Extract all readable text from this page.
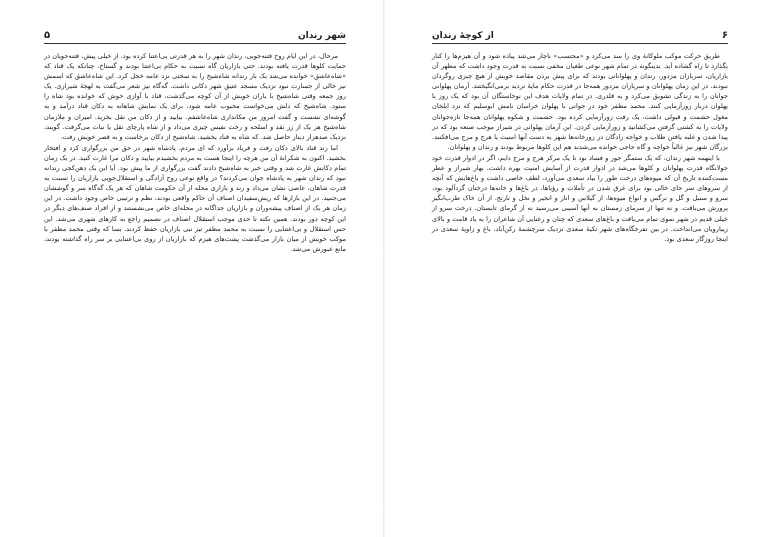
شهر رندان
۵

مرحال، در این ایام روح فتنه‌جویی، رندان شهر را به هر قدرتی بی‌اعتنا کرده بود. از خیلی پیش، فتنه‌جویان در حمایت کلوها قدرت یافته بودند. حتی بازاریان گاه نسبت به حکام بی‌اعتنا بودند و گستاخ، چنانکه یک قناد که «شاه‌عاشق» خوانده می‌شد یک بار رندانه شاه‌شیخ را به سختی نزد عامه خجل کرد. این شاه‌عاشق که اسمش نیز خالی از جسارت نبود نزدیک مسجد عتیق شهر دکانی داشت. گه‌گاه نیز شعر می‌گفت به لهجهٔ شیرازی. یک روز جمعه وقتی شاه‌شیخ با یاران خویش از آن کوچه می‌گذشت، قناد با آوازی خوش که خوانده بود شاه را ستود. شاه‌شیخ که دلش می‌خواست محبوب عامه شود، برای یک نمایش شاهانه به دکان قناد درآمد و به گوشه‌ای نشست و گفت امروز من مکانداری شاه‌عاشقم. بیایید و از دکان من نقل بخرید. امیران و ملازمان شاه‌شیخ هر یک از زر نقد و اسلحه و رخت نفیس چیزی می‌داد و از شاه پارچای نقل یا نبات می‌گرفت. گویند، نزدیک صدهزار دینار حاصل شد. که شاه به قناد بخشید. شاه‌شیخ از دکان برخاست و به قصر خویش رفت.

اما رند قناد بالای دکان رفت و فریاد برآورد که ای مردم، پادشاه شهر در حق من بزرگواری کرد و افتخار بخشید. اکنون به شکرانهٔ آن من هرچه را اینجا هست به مردم بخشیدم بیایید و دکان مرا غارت کنید. در یک زمان تمام دکانش غارت شد و وقتی خبر به شاه‌شیخ دادند گفت بزرگواری از ما پیش بود. آیا این یک دهن‌کجی رندانه نبود که رندان شهر به پادشاه جوان می‌کردند؟ در واقع نوعی روح آزادگی و استقلال‌جویی بازاریان را نسبت به قدرت شاهان، عاصی نشان می‌داد و رند و بازاری محله از آن حکومت شاهان که هر یک گه‌گاه سر و گوششان می‌جنبید. در این بازارها که ریش‌سفیدان اصناف آن حاکم واقعی بودند، نظم و ترتیبی خاص وجود داشت. در این زمان هر یک از اصناف پیشه‌وران و بازاریان جداگانه در محله‌ای خاص می‌نشستند و از افراد صنف‌های دیگر در این کوچه دور بودند. همین نکته تا حدی موجب استقلال اصناف در تصمیم راجع به کارهای شهری می‌شد. این حس استقلال و بی‌اعتنایی را نسبت به محمد مظفر نیز نبی بازاریان حفظ کردند. بسا که وقتی محمد مظفر با موکب خویش از میان بازار می‌گذشت پشت‌های هیزم که بازاریان از روی بی‌اعتنایی بر سر راه گذاشته بودند، مانع عبورش می‌شد.

۶
از کوچهٔ رندان

طریق حرکت موکب ملوکانهٔ وی را سد می‌کرد و «محتسب» ناچار می‌شد پیاده شود و آن هیزم‌ها را کنار بگذارد تا راه گشاده آید. بدینگونه در تمام شهر نوعی طغیان مخفی نسبت به قدرت وجود داشت که مظهر آن بازاریان، سربازان مزدور، رندان و پهلوانانی بودند که برای پیش بردن مقاصد خویش از هیچ چیزی روگردان نبودند. در این زمان پهلوانان و سربازان مزدور همه‌جا در قدرت حکام مایهٔ تردید برمی‌انگیختند. آرمان پهلوانی جوانان را به زندگی تشویق می‌کرد و به قلدری. در تمام ولایات هدف این نوخاستگان آن بود که یک روز با پهلوان دربار زورآزمایی کنند. محمد مظفر خود در جوانی با پهلوان خراسان نامش ابوسلیم که نزد ایلخان مغول حشمت و قبولی داشت، یک رفت زورآزمایی کرده بود. حشمت و شکوه پهلوانان همه‌جا تازه‌جوانان ولایات را به کشتی گرفتن می‌کشانید و زورآزمایی کردن. این آرمان پهلوانی در شیراز موجب صنعه بود که در پیدا شدن و غلبه یافتن طلاب و خواجه زادگان در زورخانه‌ها شهر به دست آنها امنیت یا هرج و مرج می‌افکنند. بزرگان شهر نیز غالباً خواجه و گاه حاجی خوانده می‌شدند هم این کلوها مربوط بودند و رندان و پهلوانان.

با اینهمه شهر رندان، که یک ستمگر جور و فساد بود تا یک مرکز هرج و مرج دایم، اگر در ادوار قدرت خود جولانگاه قدرت پهلوانان و کلوها می‌شد در ادوار قدرت از آسایش امنیت بهره داشت. بهار شیراز و عطر مست‌کننده تاریخ آن که میوه‌های درخت طور را بیاد سعدی می‌آورد، لطف خاصی داشت و باغ‌هایش که آنچه از سروهای سر جای خالی بود برای غرق شدن در تأملات و رؤیاها، در باغ‌ها و خانه‌ها درختان گردآلود بود، سرو و سنبل و گل و نرگس و انواع میوه‌ها، از گیلاس و انار و انجیر و نخل و نارنج. از آن خاک طرب‌انگیز پرورش می‌یافت. و نه تنها از سرمای زمستان به آنها آسیبی می‌رسید نه از گرمای تابستان. درخت سرو از خیلی قدیم در شهر نموی تمام می‌یافت و باغ‌های سعدی که چنان و رعنایی آن شاعران را به یاد قامت و بالای زیبارویان می‌انداخت. در بین تفرجگاه‌های شهر تکیهٔ سعدی نزدیک سرچشمهٔ رکن‌آباد، باغ و زاویهٔ سعدی در اینجا روزگار سعدی بود.
